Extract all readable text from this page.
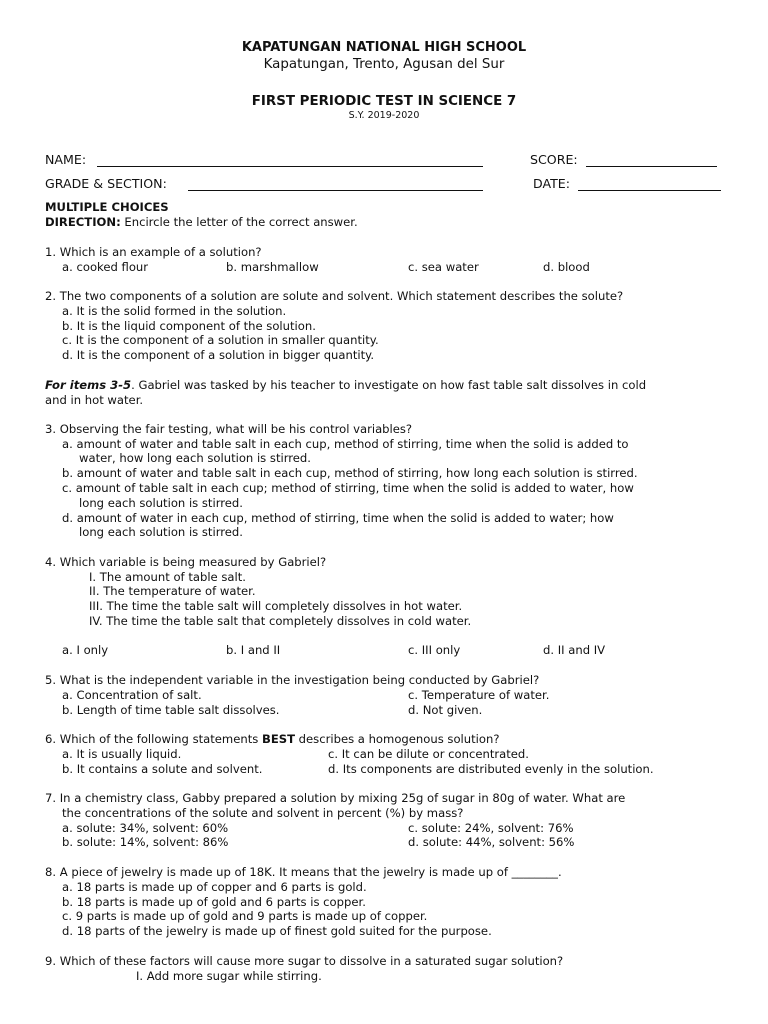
KAPATUNGAN NATIONAL HIGH SCHOOL
Kapatungan, Trento, Agusan del Sur
FIRST PERIODIC TEST IN SCIENCE 7
S.Y. 2019-2020
NAME:	SCORE:
GRADE & SECTION:	DATE:
MULTIPLE CHOICES
DIRECTION: Encircle the letter of the correct answer.
1. Which is an example of a solution?
a. cooked flour	b. marshmallow	c. sea water	d. blood
2. The two components of a solution are solute and solvent. Which statement describes the solute?
a. It is the solid formed in the solution.
b. It is the liquid component of the solution.
c. It is the component of a solution in smaller quantity.
d. It is the component of a solution in bigger quantity.
For items 3-5. Gabriel was tasked by his teacher to investigate on how fast table salt dissolves in cold
and in hot water.
3. Observing the fair testing, what will be his control variables?
a. amount of water and table salt in each cup, method of stirring, time when the solid is added to
water, how long each solution is stirred.
b. amount of water and table salt in each cup, method of stirring, how long each solution is stirred.
c. amount of table salt in each cup; method of stirring, time when the solid is added to water, how
long each solution is stirred.
d. amount of water in each cup, method of stirring, time when the solid is added to water; how
long each solution is stirred.
4. Which variable is being measured by Gabriel?
I. The amount of table salt.
II. The temperature of water.
III. The time the table salt will completely dissolves in hot water.
IV. The time the table salt that completely dissolves in cold water.
a. I only	b. I and II	c. III only	d. II and IV
5. What is the independent variable in the investigation being conducted by Gabriel?
a. Concentration of salt.	c. Temperature of water.
b. Length of time table salt dissolves.	d. Not given.
6. Which of the following statements BEST describes a homogenous solution?
a. It is usually liquid.	c. It can be dilute or concentrated.
b. It contains a solute and solvent.	d. Its components are distributed evenly in the solution.
7. In a chemistry class, Gabby prepared a solution by mixing 25g of sugar in 80g of water. What are
the concentrations of the solute and solvent in percent (%) by mass?
a. solute: 34%, solvent: 60%	c. solute: 24%, solvent: 76%
b. solute: 14%, solvent: 86%	d. solute: 44%, solvent: 56%
8. A piece of jewelry is made up of 18K. It means that the jewelry is made up of ________.
a. 18 parts is made up of copper and 6 parts is gold.
b. 18 parts is made up of gold and 6 parts is copper.
c. 9 parts is made up of gold and 9 parts is made up of copper.
d. 18 parts of the jewelry is made up of finest gold suited for the purpose.
9. Which of these factors will cause more sugar to dissolve in a saturated sugar solution?
I. Add more sugar while stirring.
